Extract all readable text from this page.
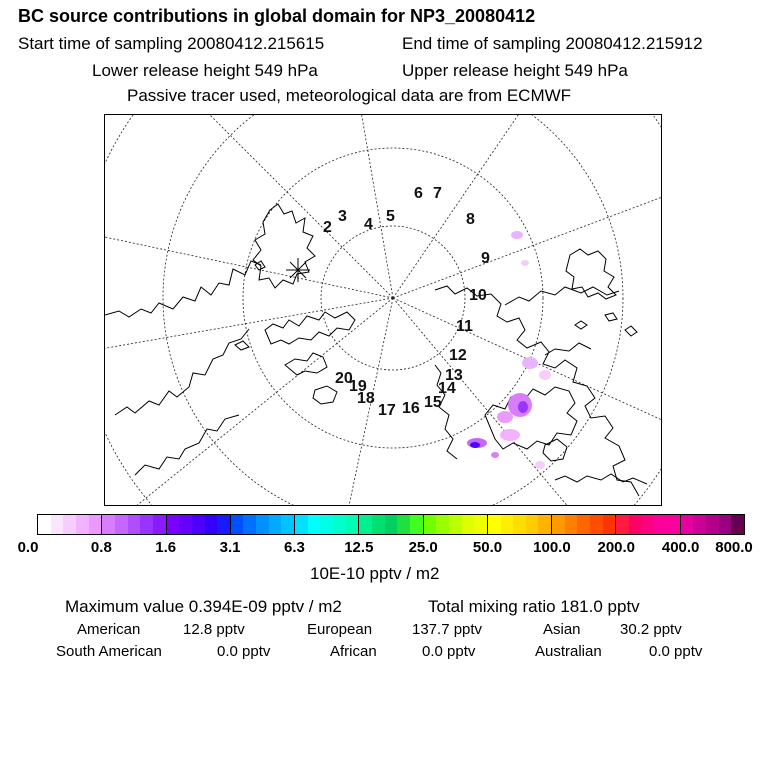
BC source contributions in global domain for NP3_20080412
Start time of sampling 20080412.215615	End time of sampling 20080412.215912
Lower release height 549 hPa	Upper release height 549 hPa
Passive tracer used, meteorological data are from ECMWF
2
3 4 5
6 7
8
9
10
11
12
13
14
15
16
17
18
19
20
0.0	0.8	1.6	3.1	6.3	12.5 25.0 50.0 100.0 200.0 400.0 800.0
10E-10 pptv / m2
Maximum value 0.394E-09 pptv / m2	Total mixing ratio 181.0 pptv
American	12.8 pptv	European	137.7 pptv	Asian	30.2 pptv
South American	0.0 pptv	African	0.0 pptv	Australian	0.0 pptv
